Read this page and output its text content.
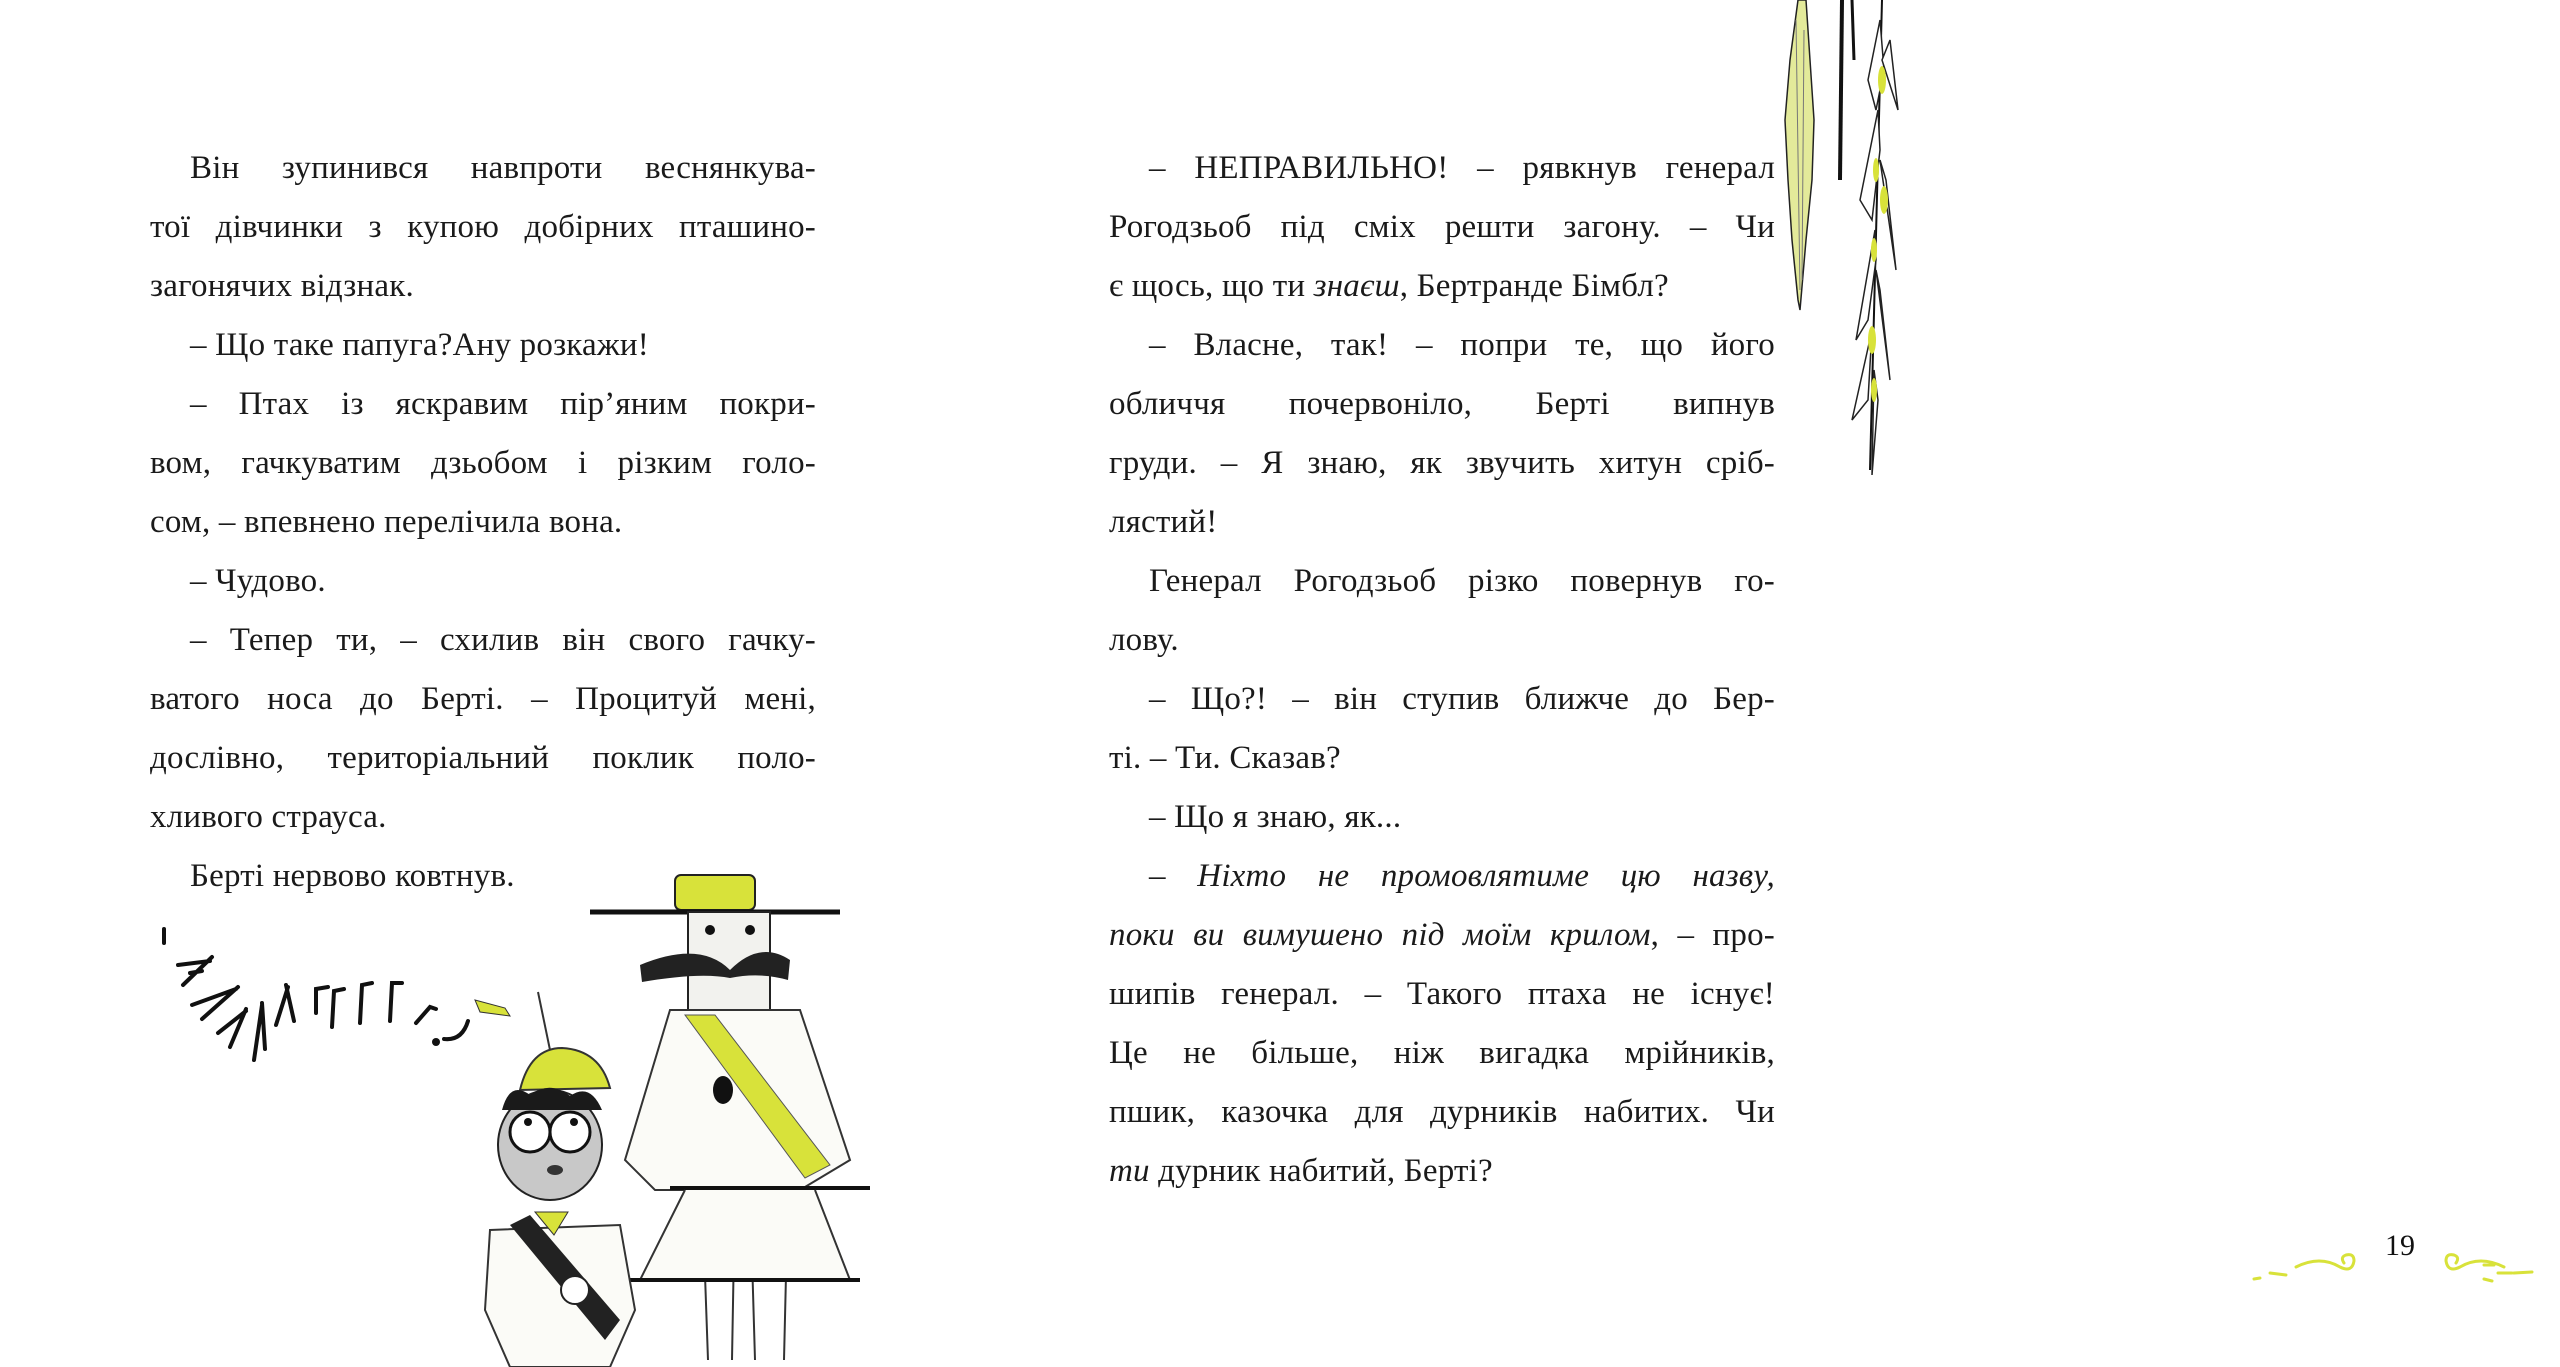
Він зупинився навпроти веснянкува-
тої дівчинки з купою добірних пташино-
загонячих відзнак.
– Що таке папуга?Ану розкажи!
– Птах із яскравим пір’яним покри-
вом, гачкуватим дзьобом і різким голо-
сом, – впевнено перелічила вона.
– Чудово.
– Тепер ти, – схилив він свого гачку-
ватого носа до Берті. – Процитуй мені,
дослівно, територіальний поклик поло-
хливого страуса.
Берті нервово ковтнув.
– НЕПРАВИЛЬНО! – рявкнув генерал
Рогодзьоб під сміх решти загону. – Чи
є щось, що ти знаєш, Бертранде Бімбл?
– Власне, так! – попри те, що його
обличчя почервоніло, Берті випнув
груди. – Я знаю, як звучить хитун сріб-
лястий!
Генерал Рогодзьоб різко повернув го-
лову.
– Що?! – він ступив ближче до Бер-
ті. – Ти. Сказав?
– Що я знаю, як...
– Ніхто не промовлятиме цю назву,
поки ви вимушено під моїм крилом, – про-
шипів генерал. – Такого птаха не існує!
Це не більше, ніж вигадка мрійників,
пшик, казочка для дурників набитих. Чи
ти дурник набитий, Берті?
19
